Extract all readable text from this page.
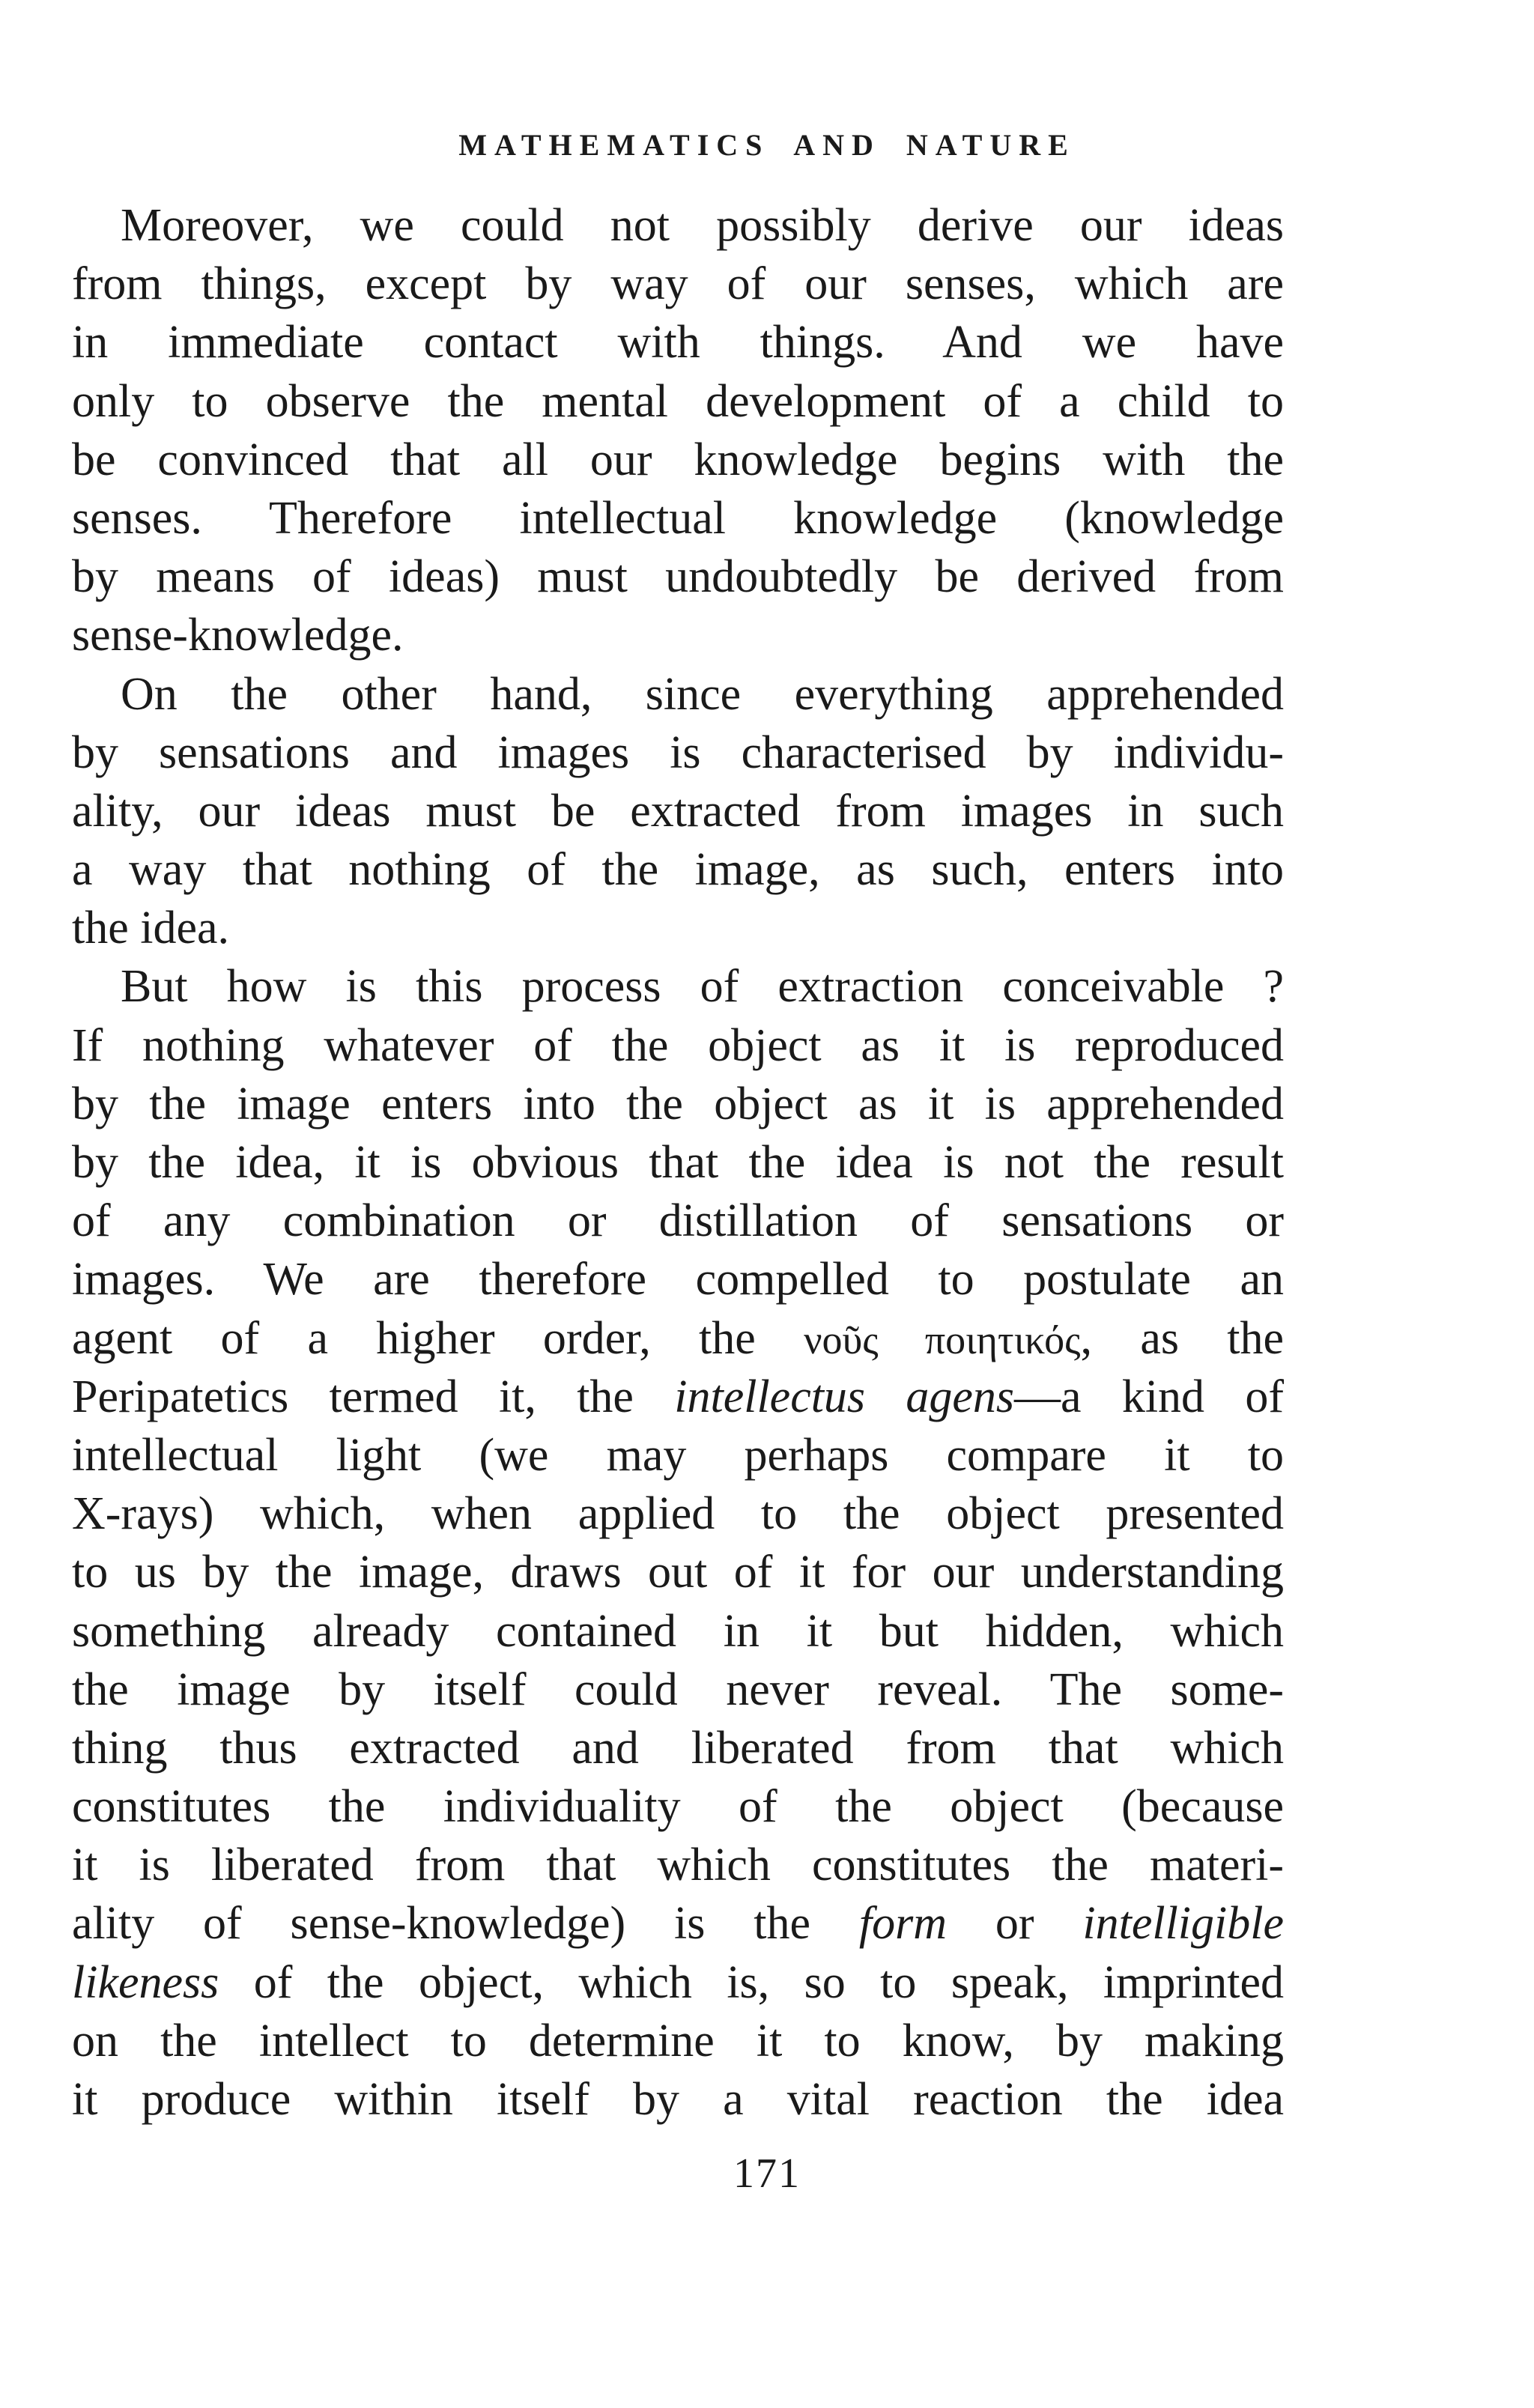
MATHEMATICS AND NATURE
Moreover, we could not possibly derive our ideas
from things, except by way of our senses, which are
in immediate contact with things. And we have
only to observe the mental development of a child to
be convinced that all our knowledge begins with the
senses. Therefore intellectual knowledge (knowledge
by means of ideas) must undoubtedly be derived from
sense-knowledge.
On the other hand, since everything apprehended
by sensations and images is characterised by individu-
ality, our ideas must be extracted from images in such
a way that nothing of the image, as such, enters into
the idea.
But how is this process of extraction conceivable ?
If nothing whatever of the object as it is reproduced
by the image enters into the object as it is apprehended
by the idea, it is obvious that the idea is not the result
of any combination or distillation of sensations or
images. We are therefore compelled to postulate an
agent of a higher order, the νοῦς ποιητικός, as the
Peripatetics termed it, the intellectus agens—a kind of
intellectual light (we may perhaps compare it to
X-rays) which, when applied to the object presented
to us by the image, draws out of it for our understanding
something already contained in it but hidden, which
the image by itself could never reveal. The some-
thing thus extracted and liberated from that which
constitutes the individuality of the object (because
it is liberated from that which constitutes the materi-
ality of sense-knowledge) is the form or intelligible
likeness of the object, which is, so to speak, imprinted
on the intellect to determine it to know, by making
it produce within itself by a vital reaction the idea
171
